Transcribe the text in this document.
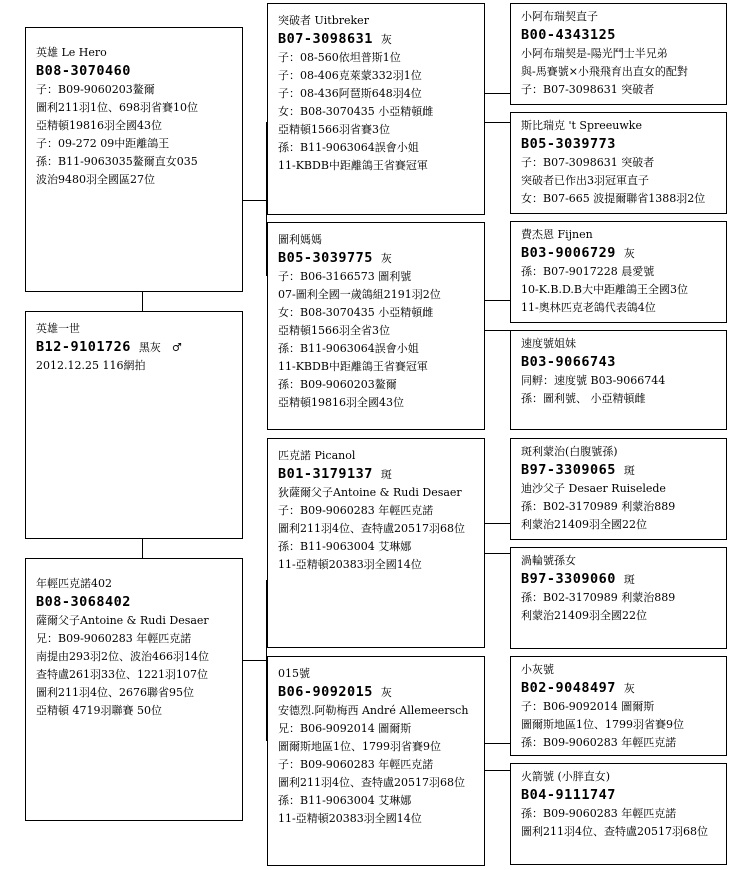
英雄 Le Hero
B08-3070460
子：B09-9060203鳌爾
圖利211羽1位、698羽省賽10位
亞精頓19816羽全國43位
子：09-272 09中距離鴿王
孫：B11-9063035鳌爾直女035
波治9480羽全國區27位
英雄一世
B12-9101726 黑灰　♂
2012.12.25 116網拍
年輕匹克諾402
B08-3068402
薩爾父子Antoine & Rudi Desaer
兄：B09-9060283 年輕匹克諾
南提由293羽2位、波治466羽14位
查特盧261羽33位、1221羽107位
圖利211羽4位、2676聯省95位
亞精頓 4719羽聯賽 50位
突破者 Uitbreker
B07-3098631 灰
子：08-560依坦普斯1位
子：08-406克萊蒙332羽1位
子：08-436阿琶斯648羽4位
女：B08-3070435 小亞精頓雌
亞精頓1566羽省賽3位
孫：B11-9063064誤會小姐
11-KBDB中距離鴿王省賽冠軍
圖利媽媽
B05-3039775 灰
子：B06-3166573 圖利號
07-圖利全國一歲鴿組2191羽2位
女：B08-3070435 小亞精頓雌
亞精頓1566羽全省3位
孫：B11-9063064誤會小姐
11-KBDB中距離鴿王省賽冠軍
孫：B09-9060203鳌爾
亞精頓19816羽全國43位
匹克諾 Picanol
B01-3179137 斑
狄薩爾父子Antoine & Rudi Desaer
子：B09-9060283 年輕匹克諾
圖利211羽4位、查特盧20517羽68位
孫：B11-9063004 艾琳娜
11-亞精頓20383羽全國14位
015號
B06-9092015 灰
安德烈.阿勒梅西 André Allemeersch
兄：B06-9092014 圖爾斯
圖爾斯地區1位、1799羽省賽9位
子：B09-9060283 年輕匹克諾
圖利211羽4位、查特盧20517羽68位
孫：B11-9063004 艾琳娜
11-亞精頓20383羽全國14位
小阿布瑞契直子
B00-4343125
小阿布瑞契是-陽光鬥士半兄弟
與-馬賽號×小飛飛育出直女的配對
子：B07-3098631 突破者
斯比瑞克 't Spreeuwke
B05-3039773
子：B07-3098631 突破者
突破者已作出3羽冠軍直子
女：B07-665 波提爾聯省1388羽2位
費杰恩 Fijnen
B03-9006729 灰
孫：B07-9017228 晨愛號
10-K.B.D.B大中距離鴿王全國3位
11-奧林匹克老鴿代表鴿4位
速度號姐妹
B03-9066743
同孵：速度號 B03-9066744
孫：圖利號、 小亞精頓雌
斑利蒙治(白腹號孫)
B97-3309065 斑
迪沙父子 Desaer Ruiselede
孫：B02-3170989 利蒙治889
利蒙治21409羽全國22位
渦輪號孫女
B97-3309060 斑
孫：B02-3170989 利蒙治889
利蒙治21409羽全國22位
小灰號
B02-9048497 灰
子：B06-9092014 圖爾斯
圖爾斯地區1位、1799羽省賽9位
孫：B09-9060283 年輕匹克諾
火箭號 (小胖直女)
B04-9111747
孫：B09-9060283 年輕匹克諾
圖利211羽4位、查特盧20517羽68位
